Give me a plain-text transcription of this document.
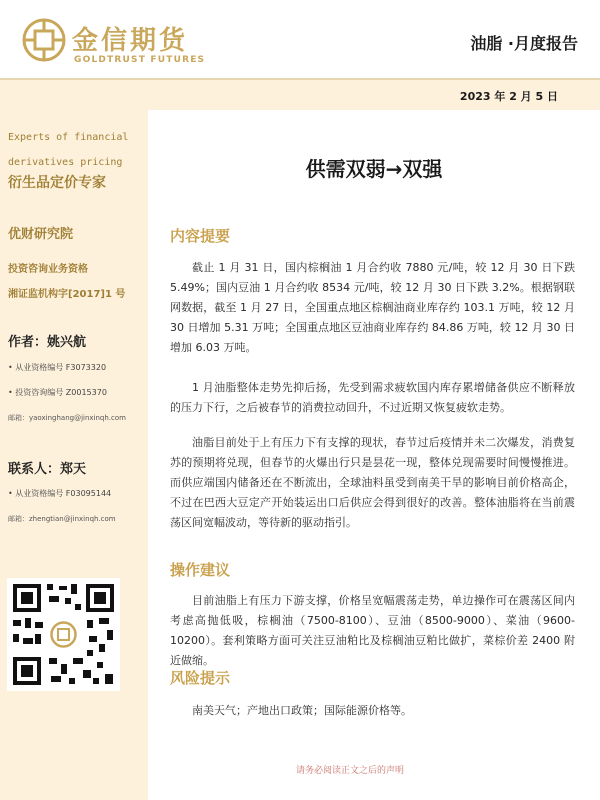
金信期货
GOLDTRUST FUTURES
油脂 ·月度报告
2023 年 2 月 5 日
Experts of financial derivatives pricing
衍生品定价专家
优财研究院
投资咨询业务资格
湘证监机构字[2017]1 号
作者：姚兴航
• 从业资格编号 F3073320
• 投资咨询编号 Z0015370
邮箱：yaoxinghang@jinxinqh.com
联系人：郑天
• 从业资格编号 F03095144
邮箱：zhengtian@jinxinqh.com
供需双弱→双强
内容提要

截止 1 月 31 日，国内棕榈油 1 月合约收 7880 元/吨，较 12 月 30 日下跌 5.49%；国内豆油 1 月合约收 8534 元/吨，较 12 月 30 日下跌 3.2%。根据钢联网数据，截至 1 月 27 日，全国重点地区棕榈油商业库存约 103.1 万吨，较 12 月 30 日增加 5.31 万吨；全国重点地区豆油商业库存约 84.86 万吨，较 12 月 30 日增加 6.03 万吨。

1 月油脂整体走势先抑后扬，先受到需求疲软国内库存累增储备供应不断释放的压力下行，之后被春节的消费拉动回升，不过近期又恢复疲软走势。

油脂目前处于上有压力下有支撑的现状，春节过后疫情并未二次爆发，消费复苏的预期将兑现，但春节的火爆出行只是昙花一现，整体兑现需要时间慢慢推进。而供应端国内储备还在不断流出，全球油料虽受到南美干旱的影响目前价格高企，不过在巴西大豆定产开始装运出口后供应会得到很好的改善。整体油脂将在当前震荡区间宽幅波动，等待新的驱动指引。

操作建议

目前油脂上有压力下游支撑，价格呈宽幅震荡走势，单边操作可在震荡区间内考虑高抛低吸，棕榈油（7500-8100）、豆油（8500-9000）、菜油（9600-10200）。套利策略方面可关注豆油粕比及棕榈油豆粕比做扩，菜棕价差 2400 附近做缩。

风险提示

南美天气；产地出口政策；国际能源价格等。

请务必阅读正文之后的声明
